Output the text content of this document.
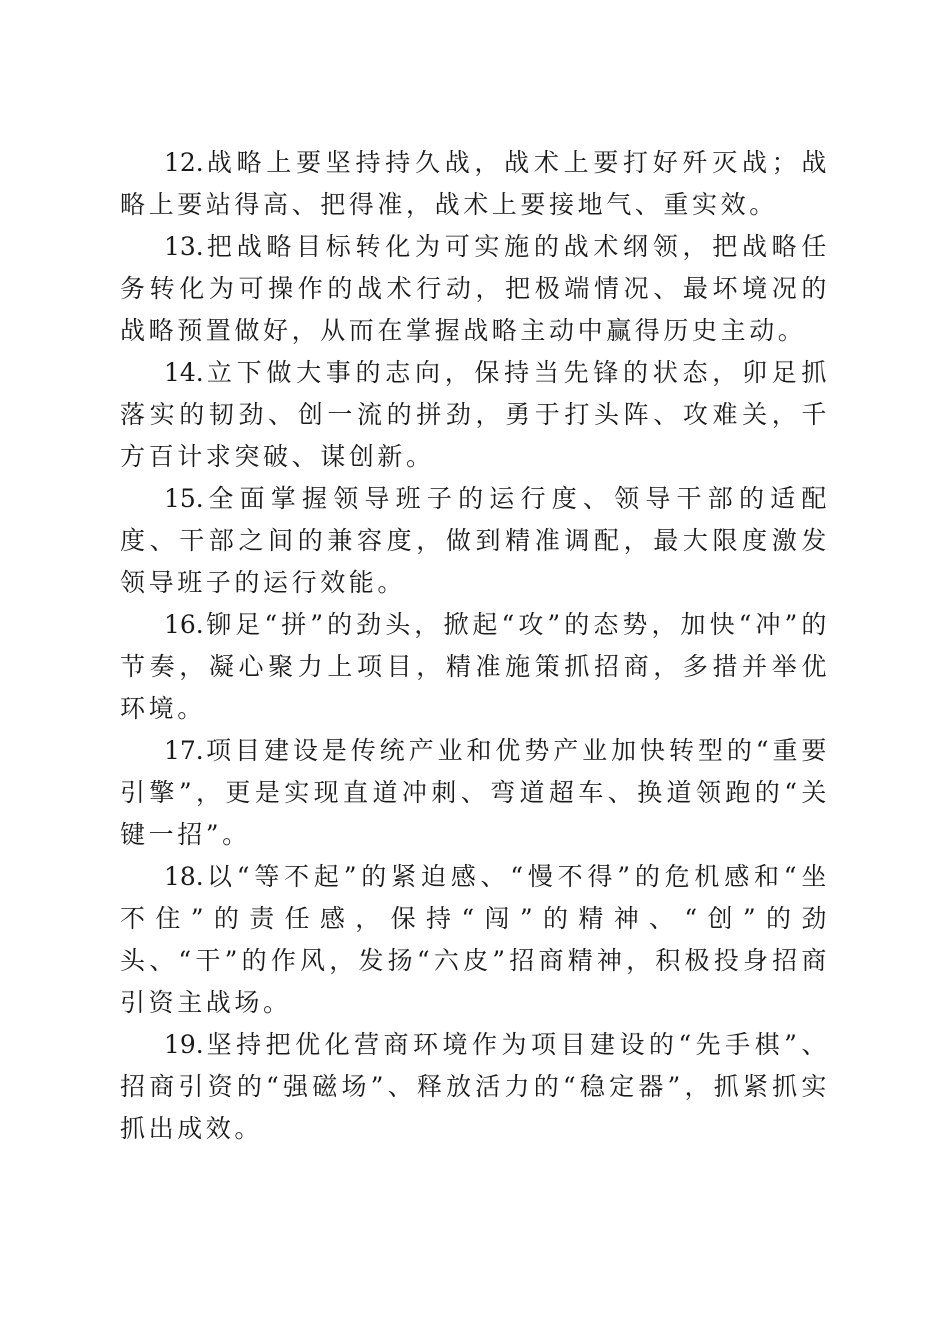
12.战略上要坚持持久战，战术上要打好歼灭战；战略上要站得高、把得准，战术上要接地气、重实效。

13.把战略目标转化为可实施的战术纲领，把战略任务转化为可操作的战术行动，把极端情况、最坏境况的战略预置做好，从而在掌握战略主动中赢得历史主动。

14.立下做大事的志向，保持当先锋的状态，卯足抓落实的韧劲、创一流的拼劲，勇于打头阵、攻难关，千方百计求突破、谋创新。

15.全面掌握领导班子的运行度、领导干部的适配度、干部之间的兼容度，做到精准调配，最大限度激发领导班子的运行效能。

16.铆足“拼”的劲头，掀起“攻”的态势，加快“冲”的节奏，凝心聚力上项目，精准施策抓招商，多措并举优环境。

17.项目建设是传统产业和优势产业加快转型的“重要引擎”，更是实现直道冲刺、弯道超车、换道领跑的“关键一招”。

18.以“等不起”的紧迫感、“慢不得”的危机感和“坐不住”的责任感，保持“闯”的精神、“创”的劲头、“干”的作风，发扬“六皮”招商精神，积极投身招商引资主战场。

19.坚持把优化营商环境作为项目建设的“先手棋”、招商引资的“强磁场”、释放活力的“稳定器”，抓紧抓实抓出成效。
